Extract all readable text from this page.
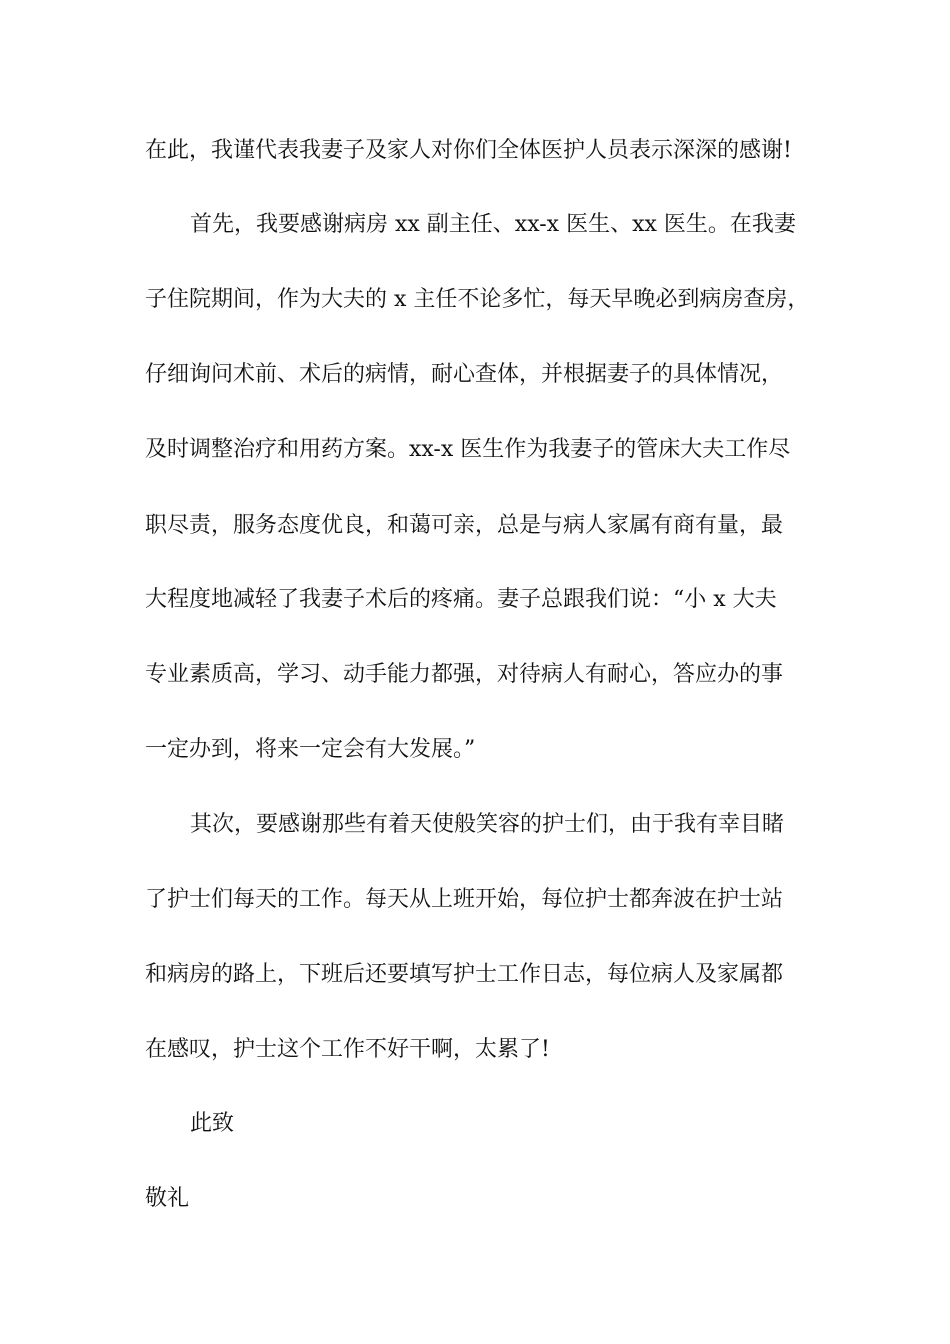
在此，我谨代表我妻子及家人对你们全体医护人员表示深深的感谢!
首先，我要感谢病房 xx 副主任、xx-x 医生、xx 医生。在我妻
子住院期间，作为大夫的 x 主任不论多忙，每天早晚必到病房查房，
仔细询问术前、术后的病情，耐心查体，并根据妻子的具体情况，
及时调整治疗和用药方案。xx-x 医生作为我妻子的管床大夫工作尽
职尽责，服务态度优良，和蔼可亲，总是与病人家属有商有量，最
大程度地减轻了我妻子术后的疼痛。妻子总跟我们说：“小 x 大夫
专业素质高，学习、动手能力都强，对待病人有耐心，答应办的事
一定办到，将来一定会有大发展。”
其次，要感谢那些有着天使般笑容的护士们，由于我有幸目睹
了护士们每天的工作。每天从上班开始，每位护士都奔波在护士站
和病房的路上，下班后还要填写护士工作日志，每位病人及家属都
在感叹，护士这个工作不好干啊，太累了!
此致
敬礼
